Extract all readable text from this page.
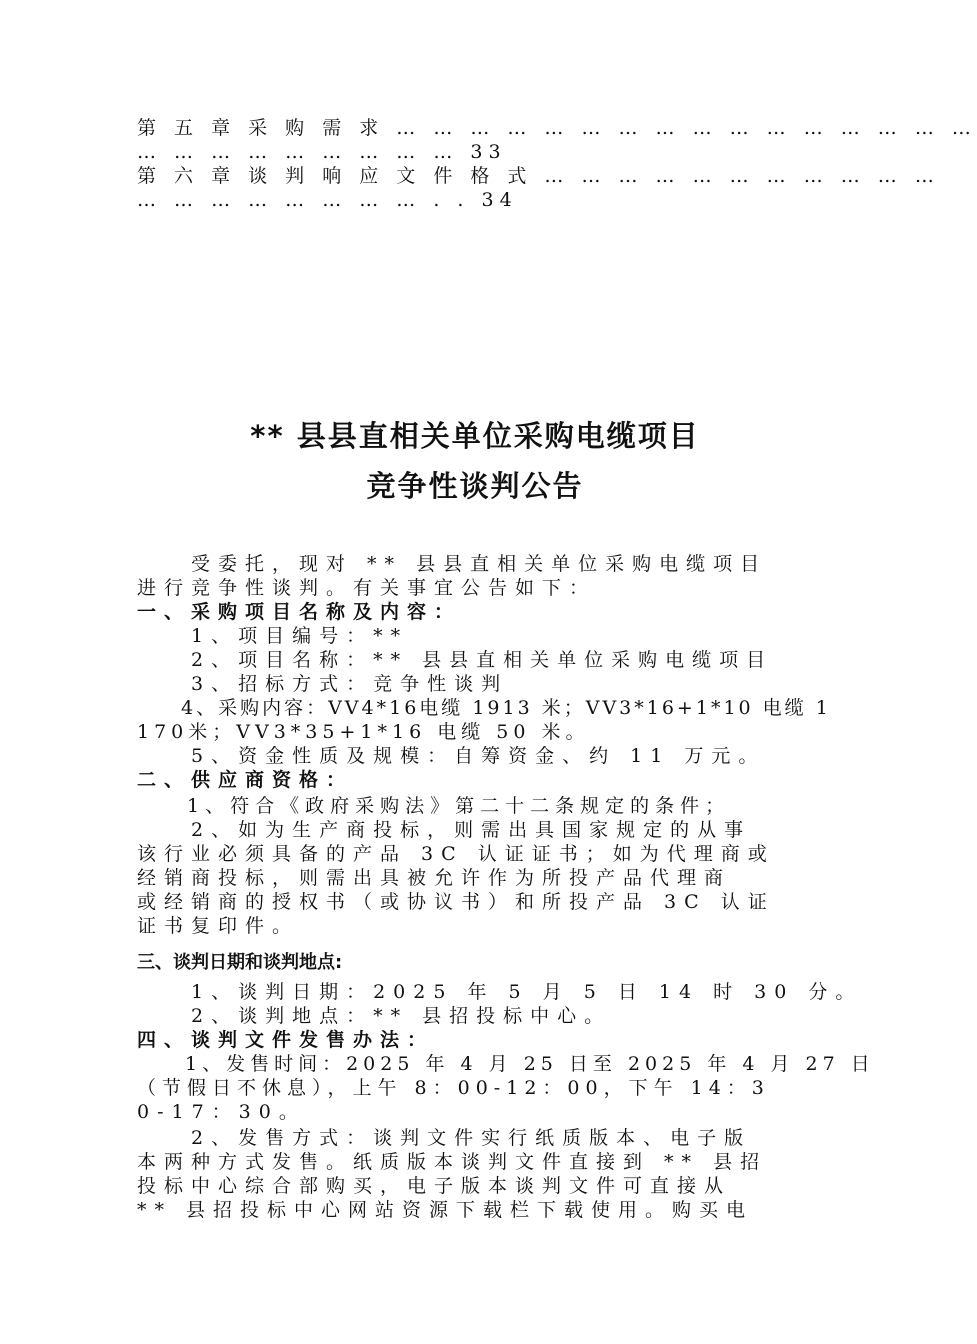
第 五 章 采 购 需 求 … … … … … … … … … … … … … … … …
… … … … … … … … … 33
第 六 章 谈 判 响 应 文 件 格 式 … … … … … … … … … … …
… … … … … … … … . . 34
** 县县直相关单位采购电缆项目
竞争性谈判公告
　　受委托，现对 ** 县县直相关单位采购电缆项目
进行竞争性谈判。有关事宜公告如下：
一、采购项目名称及内容：
　　1、项目编号：**
　　2、项目名称：** 县县直相关单位采购电缆项目
　　3、招标方式：竞争性谈判
　　4、采购内容：VV4*16电缆 1913 米；VV3*16+1*10 电缆 1
170米；VV3*35+1*16 电缆 50 米。
　　5、资金性质及规模：自筹资金、约 11 万元。
二、供应商资格：
　　1、符合《政府采购法》第二十二条规定的条件；
　　2、如为生产商投标，则需出具国家规定的从事
该行业必须具备的产品 3C 认证证书；如为代理商或
经销商投标，则需出具被允许作为所投产品代理商
或经销商的授权书（或协议书）和所投产品 3C 认证
证书复印件。
三、谈判日期和谈判地点:
　　1、谈判日期：2025 年 5 月 5 日 14 时 30 分。
　　2、谈判地点：** 县招投标中心。
四、谈判文件发售办法：
　　1、发售时间：2025 年 4 月 25 日至 2025 年 4 月 27 日
（节假日不休息），上午 8：00-12：00，下午 14：3
0-17：30。
　　2、发售方式：谈判文件实行纸质版本、电子版
本两种方式发售。纸质版本谈判文件直接到 ** 县招
投标中心综合部购买，电子版本谈判文件可直接从
** 县招投标中心网站资源下载栏下载使用。购买电
